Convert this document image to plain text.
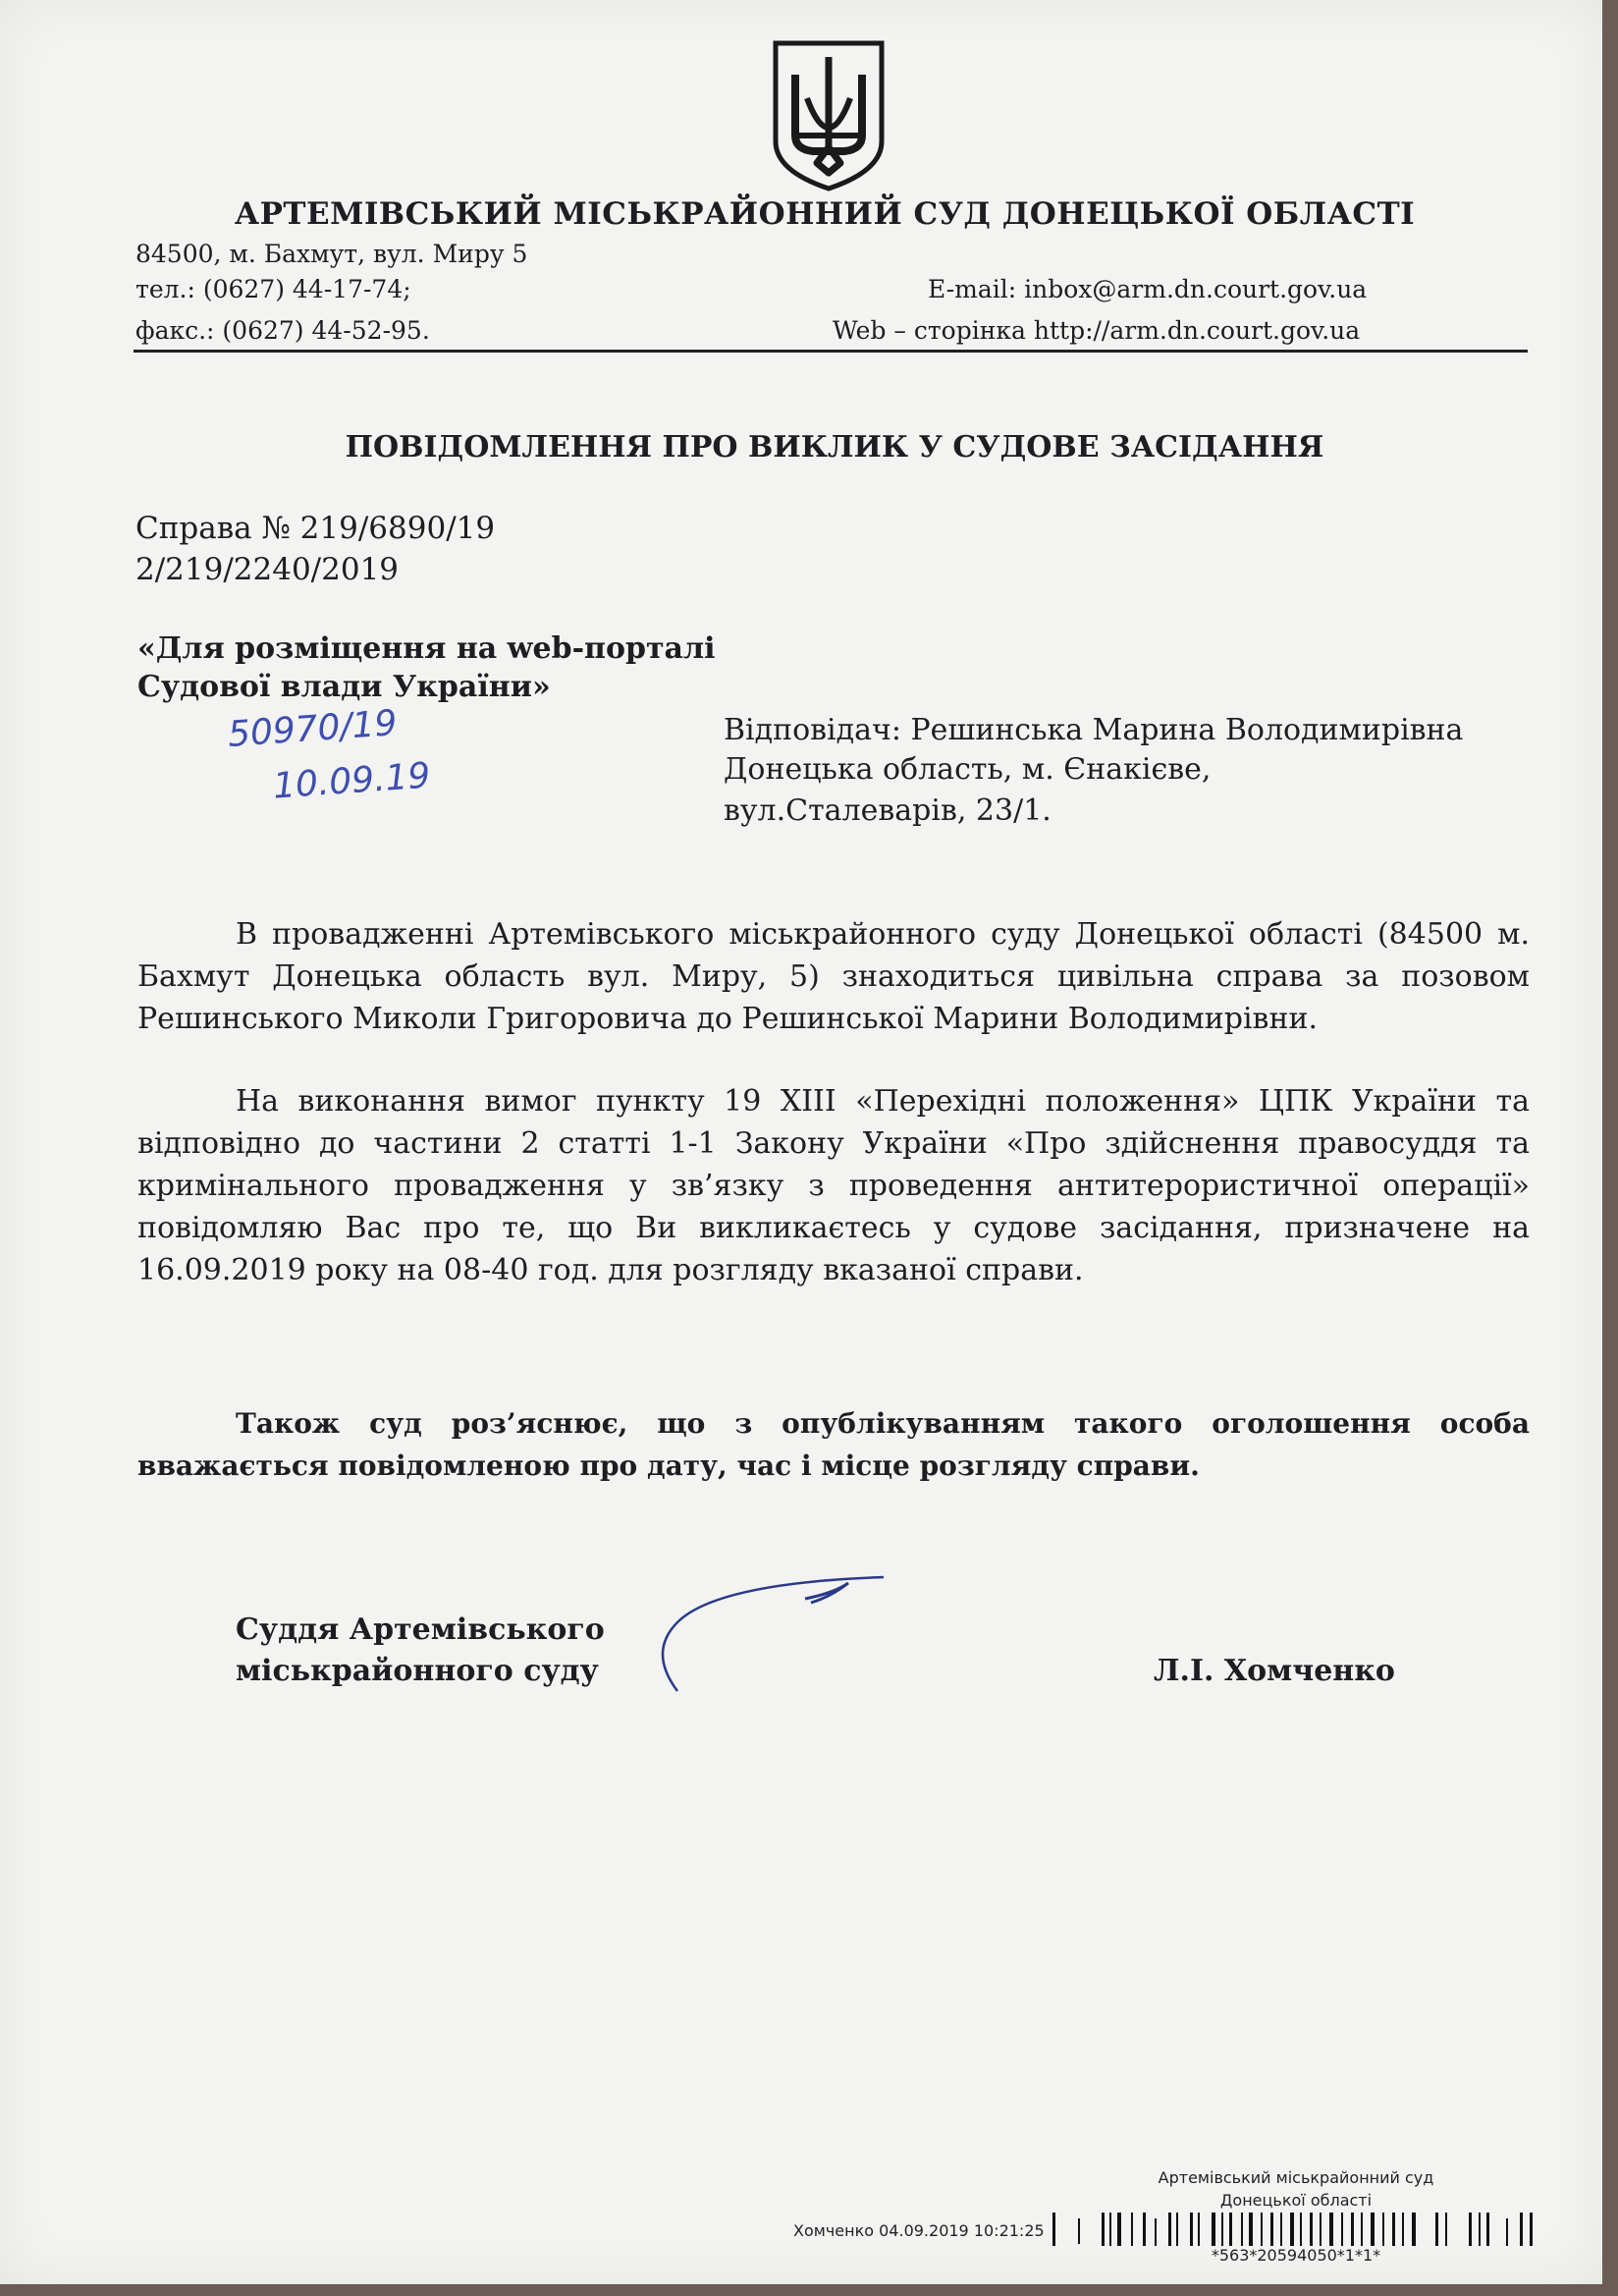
АРТЕМІВСЬКИЙ МІСЬКРАЙОННИЙ СУД ДОНЕЦЬКОЇ ОБЛАСТІ
84500, м. Бахмут, вул. Миру 5
тел.: (0627) 44-17-74;	E-mail: inbox@arm.dn.court.gov.ua
факс.: (0627) 44-52-95.	Web – сторінка http://arm.dn.court.gov.ua
ПОВІДОМЛЕННЯ ПРО ВИКЛИК У СУДОВЕ ЗАСІДАННЯ
Справа № 219/6890/19
2/219/2240/2019
«Для розміщення на web-порталі
Судової влади України»
50970/19
10.09.19
Відповідач: Решинська Марина Володимирівна
Донецька область, м. Єнакієве,
вул.Сталеварів, 23/1.
В провадженні Артемівського міськрайонного суду Донецької області (84500 м. Бахмут Донецька область вул. Миру, 5) знаходиться цивільна справа за позовом Решинського Миколи Григоровича до Решинської Марини Володимирівни.
На виконання вимог пункту 19 ХІІІ «Перехідні положення» ЦПК України та відповідно до частини 2 статті 1-1 Закону України «Про здійснення правосуддя та кримінального провадження у зв’язку з проведення антитерористичної операції» повідомляю Вас про те, що Ви викликаєтесь у судове засідання, призначене на 16.09.2019 року на 08-40 год. для розгляду вказаної справи.
Також суд роз’яснює, що з опублікуванням такого оголошення особа вважається повідомленою про дату, час і місце розгляду справи.
Суддя Артемівського
міськрайонного суду	Л.І. Хомченко
Артемівський міськрайонний суд
Донецької області
Хомченко 04.09.2019 10:21:25
*563*20594050*1*1*
